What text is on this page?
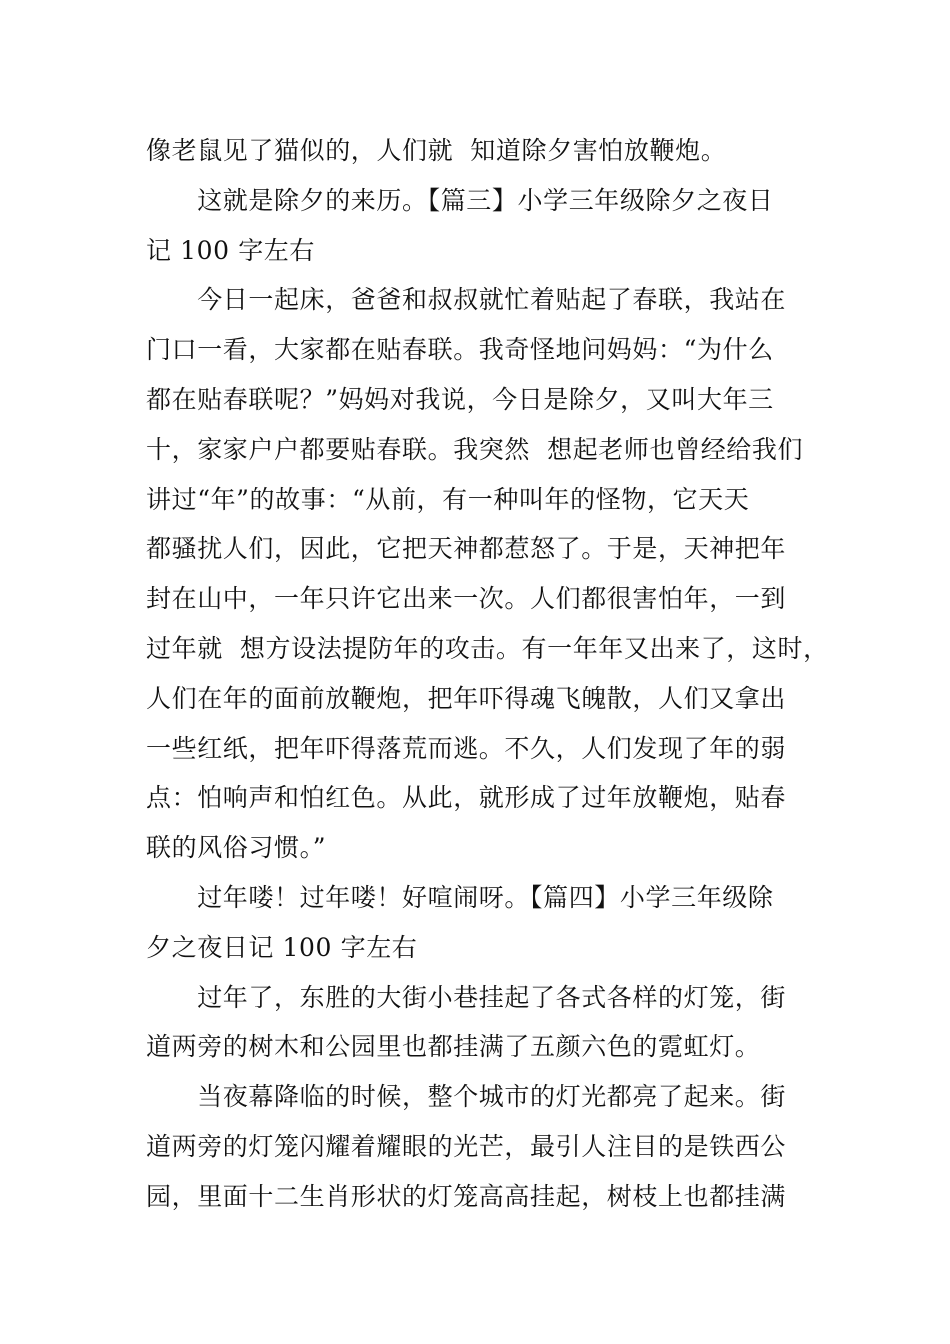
像老鼠见了猫似的，人们就  知道除夕害怕放鞭炮。
　　这就是除夕的来历。【篇三】小学三年级除夕之夜日
记 100 字左右
　　今日一起床，爸爸和叔叔就忙着贴起了春联，我站在
门口一看，大家都在贴春联。我奇怪地问妈妈：“为什么
都在贴春联呢？”妈妈对我说，今日是除夕，又叫大年三
十，家家户户都要贴春联。我突然  想起老师也曾经给我们
讲过“年”的故事：“从前，有一种叫年的怪物，它天天
都骚扰人们，因此，它把天神都惹怒了。于是，天神把年
封在山中，一年只许它出来一次。人们都很害怕年，一到
过年就  想方设法提防年的攻击。有一年年又出来了，这时，
人们在年的面前放鞭炮，把年吓得魂飞魄散，人们又拿出
一些红纸，把年吓得落荒而逃。不久，人们发现了年的弱
点：怕响声和怕红色。从此，就形成了过年放鞭炮，贴春
联的风俗习惯。”
　　过年喽！过年喽！好喧闹呀。【篇四】小学三年级除
夕之夜日记 100 字左右
　　过年了，东胜的大街小巷挂起了各式各样的灯笼，街
道两旁的树木和公园里也都挂满了五颜六色的霓虹灯。
　　当夜幕降临的时候，整个城市的灯光都亮了起来。街
道两旁的灯笼闪耀着耀眼的光芒，最引人注目的是铁西公
园，里面十二生肖形状的灯笼高高挂起，树枝上也都挂满
